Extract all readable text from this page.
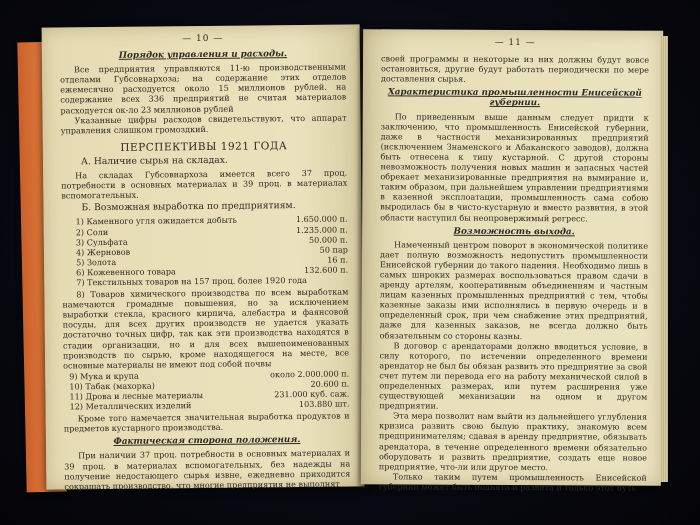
— 10 —
Порядок управления и расходы.

Все предприятия управляются 11-ю производственными отделами Губсовнархоза; на содержание этих отделов ежемесячно расходуется около 15 миллионов рублей. на содержание всех 336 предприятий не считая материалов расходуется ок-ло 23 миллионов рублей

Указанные цифры расходов свидетельствуют, что аппарат управления слишком громоздкий.

ПЕРСПЕКТИВЫ 1921 ГОДА
А. Наличие сырья на складах.

На складах Губсовнархоза имеется всего 37 проц. потребности в основных материалах и 39 проц. в материалах вспомогательных.

Б. Возможная выработка по предприятиям.
1) Каменного угля ожидается добыть	1.650.000 п.
2) Соли	1.235.000 п.
3) Сульфата	50.000 п.
4) Жерновов	50 пар
5) Золота	16 п.
6) Кожевенного товара	132.600 п.
7) Текстильных товаров на 157 проц. более 1920 года

8) Товаров химического производства по всем выработкам намечаются громадные повышения, но за исключением выработки стекла, красного кирпича, алебастра и фаянсовой посуды, для всех других производств не удается указать достаточно точных цифр, так как эти производства находятся в стадии организации, но и для всех вышепоименованных производств по сырью, кроме находящегося на месте, все основные материалы не имеют под собой почвы

9) Мука и крупа	около 2.000.000 п.
10) Табак (махорка)	20.600 п.
11) Дрова и лесные материалы	231.000 куб. саж.
12) Металлических изделий	103.880 шт.

Кроме того намечается значительная выработка продуктов и предметов кустарного производства.

Фактическая сторона положения.

При наличии 37 проц. потребности в основных материалах и 39 проц. в материалах вспомогательных, без надежды на получение недостающего сырья извне, ежедневно приходится сокращать производство, что многие предприятия не выполнят

— 11 —

своей программы и некоторые из них должны будут вовсе остановиться, другие будут работать периодически по мере доставления сырья.

Характеристика промышленности Енисейской губернии.

По приведенным выше данным следует придти к заключению, что промышленность Енисейской губернии, даже в частности механизированных предприятий (исключением Знаменского и Абаканского заводов), должна быть отнесена к типу кустарной. С другой стороны невозможность получения новых машин и запасных частей обрекает механизированные предприятия на вымирание и, таким образом, при дальнейшем управлении предприятиями в казенной эксплоатации, промышленность сама собою выродилась бы в чисто-кустарную и вместо развития, в этой области наступил бы неопровержимый регресс.

Возможность выхода.

Намеченный центром поворот в экономической политике дает полную возможность недопустить промышленности Енисейской губернии до такого падения. Необходимо лишь в самых широких размерах воспользоваться правом сдачи в аренду артелям, кооперативным объединениям и частным лицам казенных промышленных предприятий с тем, чтобы казенные заказы ими исполнялись в первую очередь и в определенный срок, при чем снабжение этих предприятий, даже для казенных заказов, не всегда должно быть обязательным со стороны казны.

В договор с арендаторами должно вводиться условие, в силу которого, по истечении определенного времени арендатор не был бы обязан развить это предприятие за свой счет путем ли перевода его на работу механической силой в определенных размерах, или путем расширения уже существующей механизации на одном и другом предприятии.

Эта мера позволит нам выйти из дальнейшего углубления кризиса развить свою былую практику, знакомую всем предпринимателям; сдавая в аренду предприятие, обязывать арендатора, в течение определенного времени обязательно оборудовать и развить предприятие, создать еще новое предприятие, что-ли или другое место.

Только таким путем промышленность Енисейской губернии может быть поднята и развита и только этот путь
